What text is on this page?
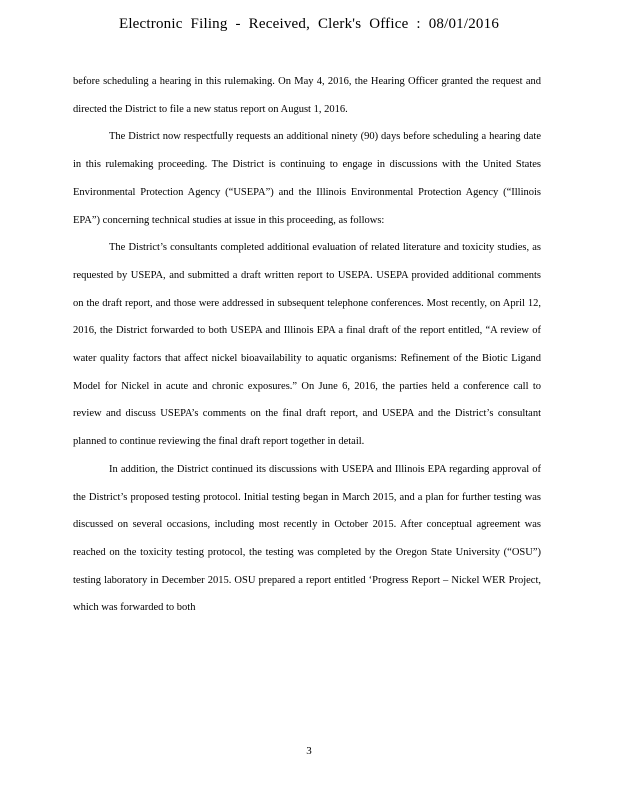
Electronic Filing - Received, Clerk's Office : 08/01/2016

before scheduling a hearing in this rulemaking. On May 4, 2016, the Hearing Officer granted the request and directed the District to file a new status report on August 1, 2016.

The District now respectfully requests an additional ninety (90) days before scheduling a hearing date in this rulemaking proceeding. The District is continuing to engage in discussions with the United States Environmental Protection Agency (“USEPA”) and the Illinois Environmental Protection Agency (“Illinois EPA”) concerning technical studies at issue in this proceeding, as follows:

The District’s consultants completed additional evaluation of related literature and toxicity studies, as requested by USEPA, and submitted a draft written report to USEPA. USEPA provided additional comments on the draft report, and those were addressed in subsequent telephone conferences. Most recently, on April 12, 2016, the District forwarded to both USEPA and Illinois EPA a final draft of the report entitled, “A review of water quality factors that affect nickel bioavailability to aquatic organisms: Refinement of the Biotic Ligand Model for Nickel in acute and chronic exposures.” On June 6, 2016, the parties held a conference call to review and discuss USEPA’s comments on the final draft report, and USEPA and the District’s consultant planned to continue reviewing the final draft report together in detail.

In addition, the District continued its discussions with USEPA and Illinois EPA regarding approval of the District’s proposed testing protocol. Initial testing began in March 2015, and a plan for further testing was discussed on several occasions, including most recently in October 2015. After conceptual agreement was reached on the toxicity testing protocol, the testing was completed by the Oregon State University (“OSU”) testing laboratory in December 2015. OSU prepared a report entitled ‘Progress Report – Nickel WER Project, which was forwarded to both

3
